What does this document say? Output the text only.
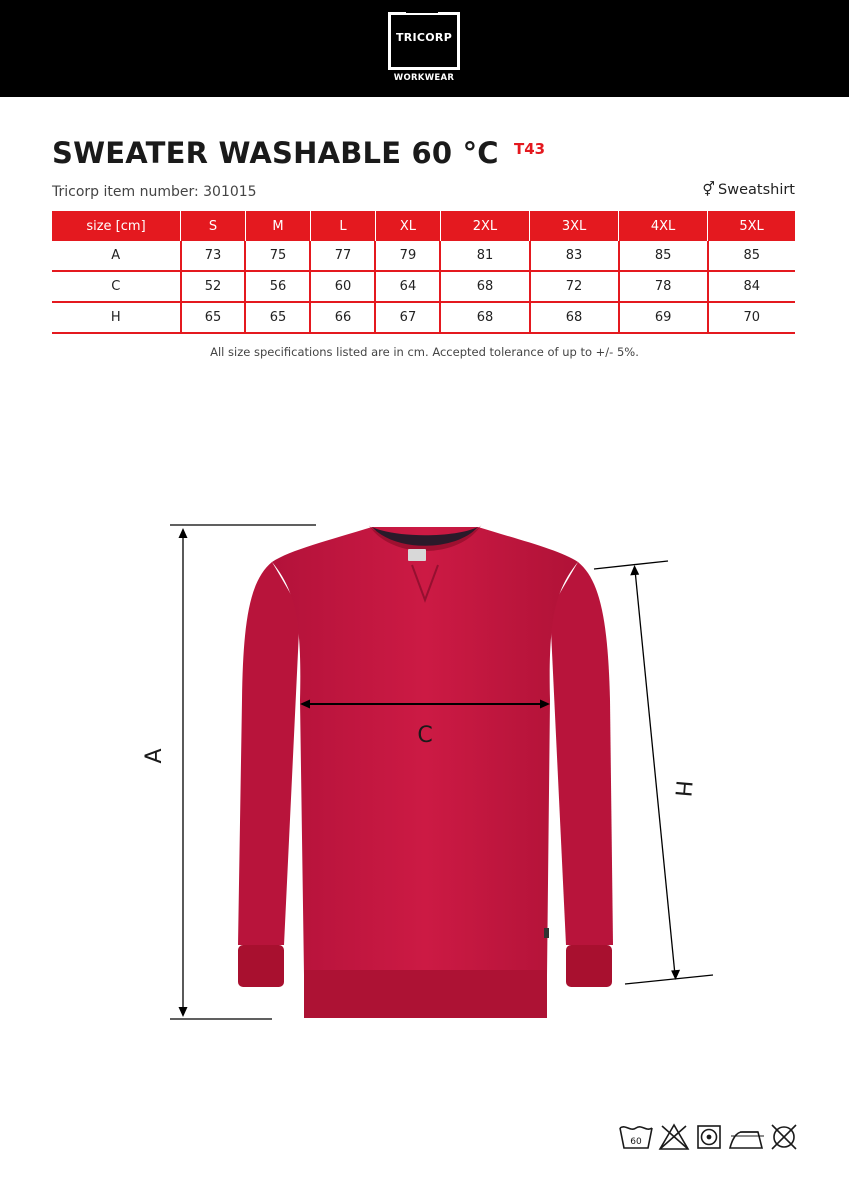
TRICORP
WORKWEAR
SWEATER WASHABLE 60 °C T43
Tricorp item number: 301015	⚥ Sweatshirt
size [cm]	S	M	L	XL	2XL	3XL	4XL	5XL
A	73	75	77	79	81	83	85	85
C	52	56	60	64	68	72	78	84
H	65	65	66	67	68	68	69	70
All size specifications listed are in cm. Accepted tolerance of up to +/- 5%.
A
C
H
60
